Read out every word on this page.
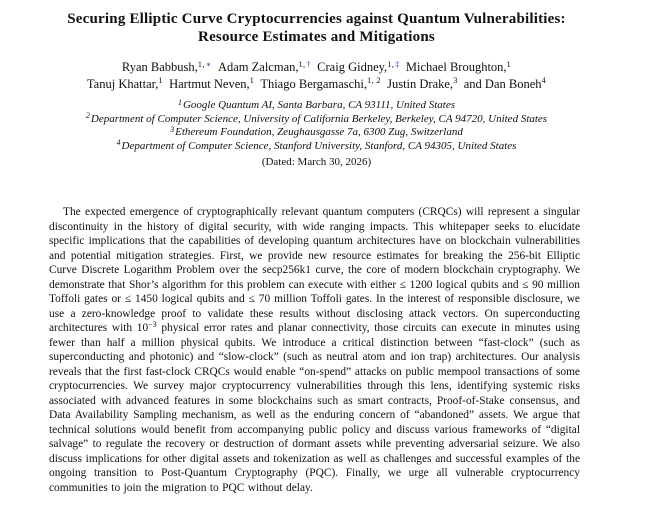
Securing Elliptic Curve Cryptocurrencies against Quantum Vulnerabilities:
Resource Estimates and Mitigations
Ryan Babbush,$^{1,∗}$ Adam Zalcman,$^{1,\dagger}$ Craig Gidney,$^{1,\ddagger}$ Michael Broughton,$^1$
Tanuj Khattar,$^1$ Hartmut Neven,$^1$ Thiago Bergamaschi,$^{1, 2}$ Justin Drake,$^3$ and Dan Boneh$^4$
$^1$Google Quantum AI, Santa Barbara, CA 93111, United States
$^2$Department of Computer Science, University of California Berkeley, Berkeley, CA 94720, United States
$^3$Ethereum Foundation, Zeughausgasse 7a, 6300 Zug, Switzerland
$^4$Department of Computer Science, Stanford University, Stanford, CA 94305, United States
(Dated: March 30, 2026)

The expected emergence of cryptographically relevant quantum computers (CRQCs) will represent a singular discontinuity in the history of digital security, with wide ranging impacts. This whitepaper seeks to elucidate specific implications that the capabilities of developing quantum architectures have on blockchain vulnerabilities and potential mitigation strategies. First, we provide new resource estimates for breaking the 256-bit Elliptic Curve Discrete Logarithm Problem over the secp256k1 curve, the core of modern blockchain cryptography. We demonstrate that Shor’s algorithm for this problem can execute with either ≤ 1200 logical qubits and ≤ 90 million Toffoli gates or ≤ 1450 logical qubits and ≤ 70 million Toffoli gates. In the interest of responsible disclosure, we use a zero-knowledge proof to validate these results without disclosing attack vectors. On superconducting architectures with $10^{-3}$ physical error rates and planar connectivity, those circuits can execute in minutes using fewer than half a million physical qubits. We introduce a critical distinction between “fast-clock” (such as superconducting and photonic) and “slow-clock” (such as neutral atom and ion trap) architectures. Our analysis reveals that the first fast-clock CRQCs would enable “on-spend” attacks on public mempool transactions of some cryptocurrencies. We survey major cryptocurrency vulnerabilities through this lens, identifying systemic risks associated with advanced features in some blockchains such as smart contracts, Proof-of-Stake consensus, and Data Availability Sampling mechanism, as well as the enduring concern of “abandoned” assets. We argue that technical solutions would benefit from accompanying public policy and discuss various frameworks of “digital salvage” to regulate the recovery or destruction of dormant assets while preventing adversarial seizure. We also discuss implications for other digital assets and tokenization as well as challenges and successful examples of the ongoing transition to Post-Quantum Cryptography (PQC). Finally, we urge all vulnerable cryptocurrency communities to join the migration to PQC without delay.
